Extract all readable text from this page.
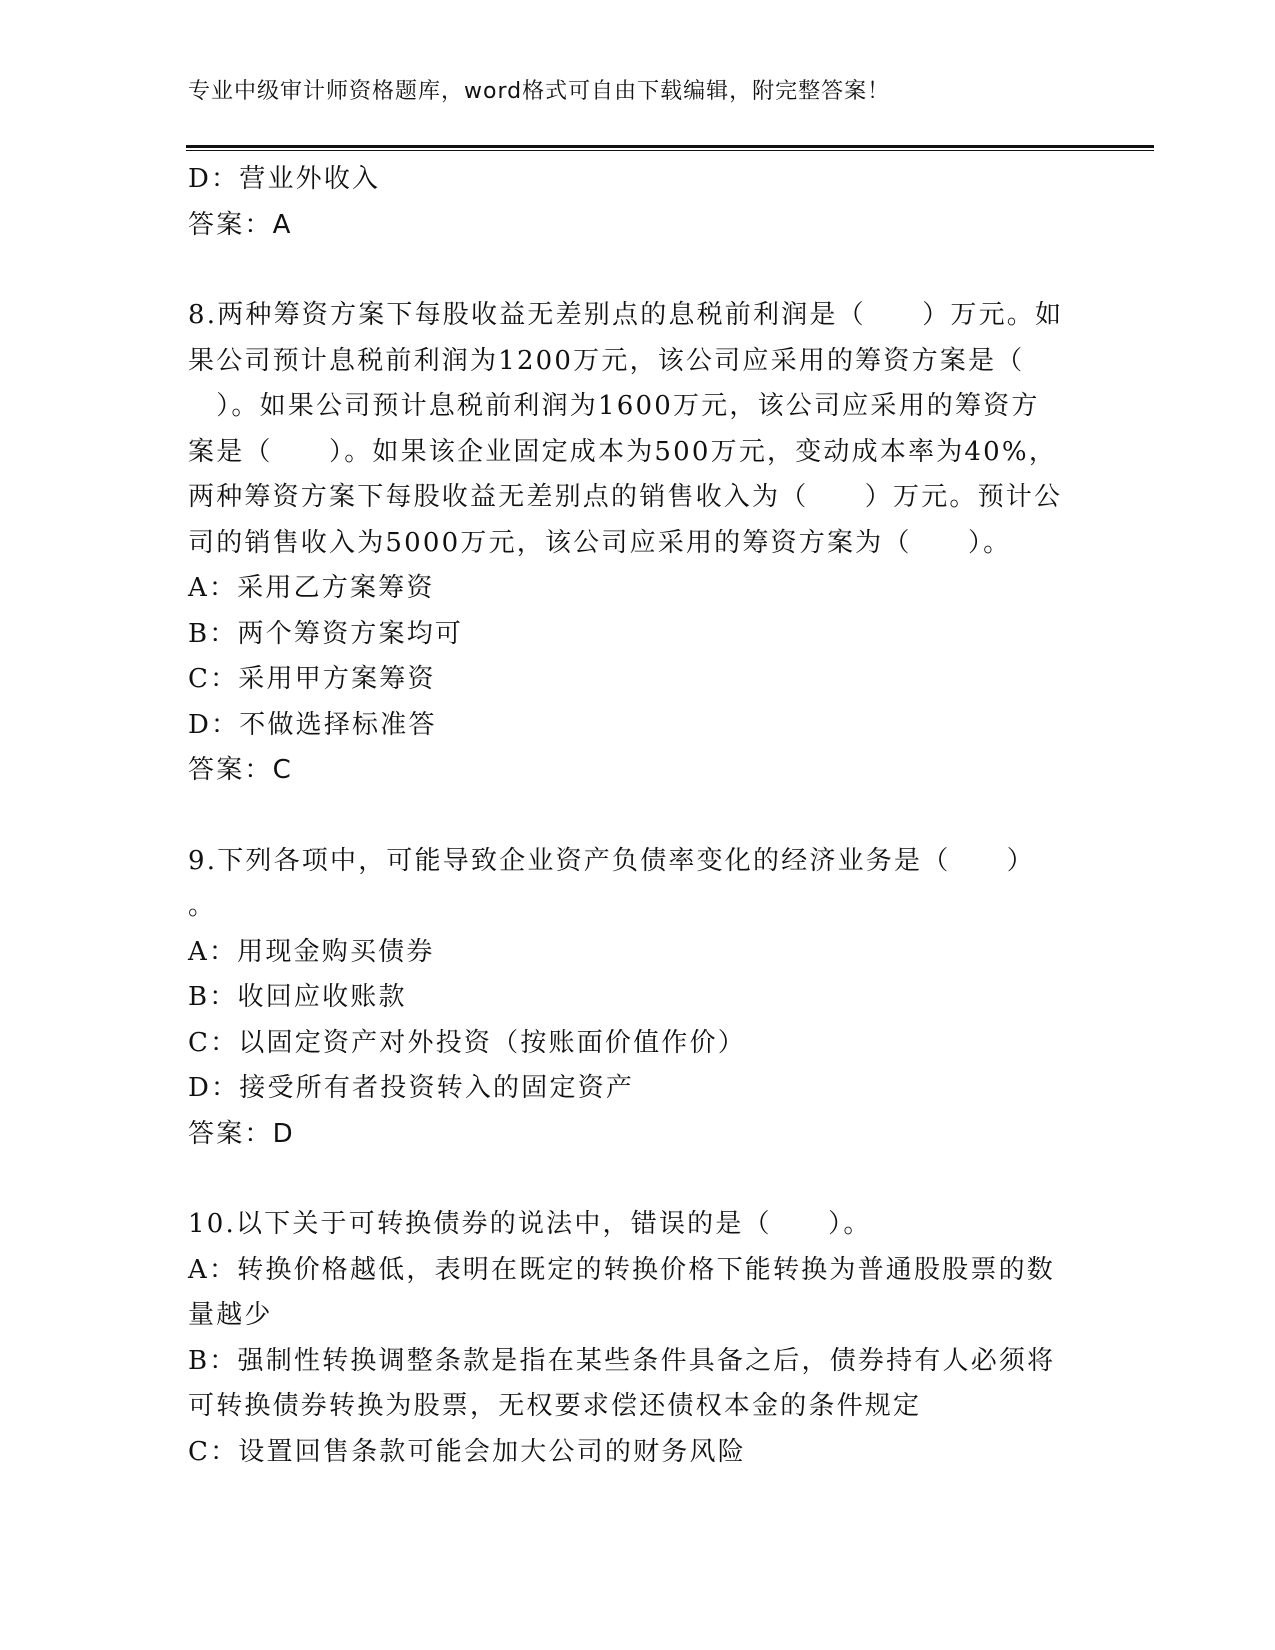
专业中级审计师资格题库，word格式可自由下载编辑，附完整答案！
D：营业外收入
答案：A
8.两种筹资方案下每股收益无差别点的息税前利润是（　　）万元。如
果公司预计息税前利润为1200万元，该公司应采用的筹资方案是（
　）。如果公司预计息税前利润为1600万元，该公司应采用的筹资方
案是（　　）。如果该企业固定成本为500万元，变动成本率为40%，
两种筹资方案下每股收益无差别点的销售收入为（　　）万元。预计公
司的销售收入为5000万元，该公司应采用的筹资方案为（　　）。
A：采用乙方案筹资
B：两个筹资方案均可
C：采用甲方案筹资
D：不做选择标准答
答案：C
9.下列各项中，可能导致企业资产负债率变化的经济业务是（　　）
。
A：用现金购买债券
B：收回应收账款
C：以固定资产对外投资（按账面价值作价）
D：接受所有者投资转入的固定资产
答案：D
10.以下关于可转换债券的说法中，错误的是（　　）。
A：转换价格越低，表明在既定的转换价格下能转换为普通股股票的数
量越少
B：强制性转换调整条款是指在某些条件具备之后，债券持有人必须将
可转换债券转换为股票，无权要求偿还债权本金的条件规定
C：设置回售条款可能会加大公司的财务风险
